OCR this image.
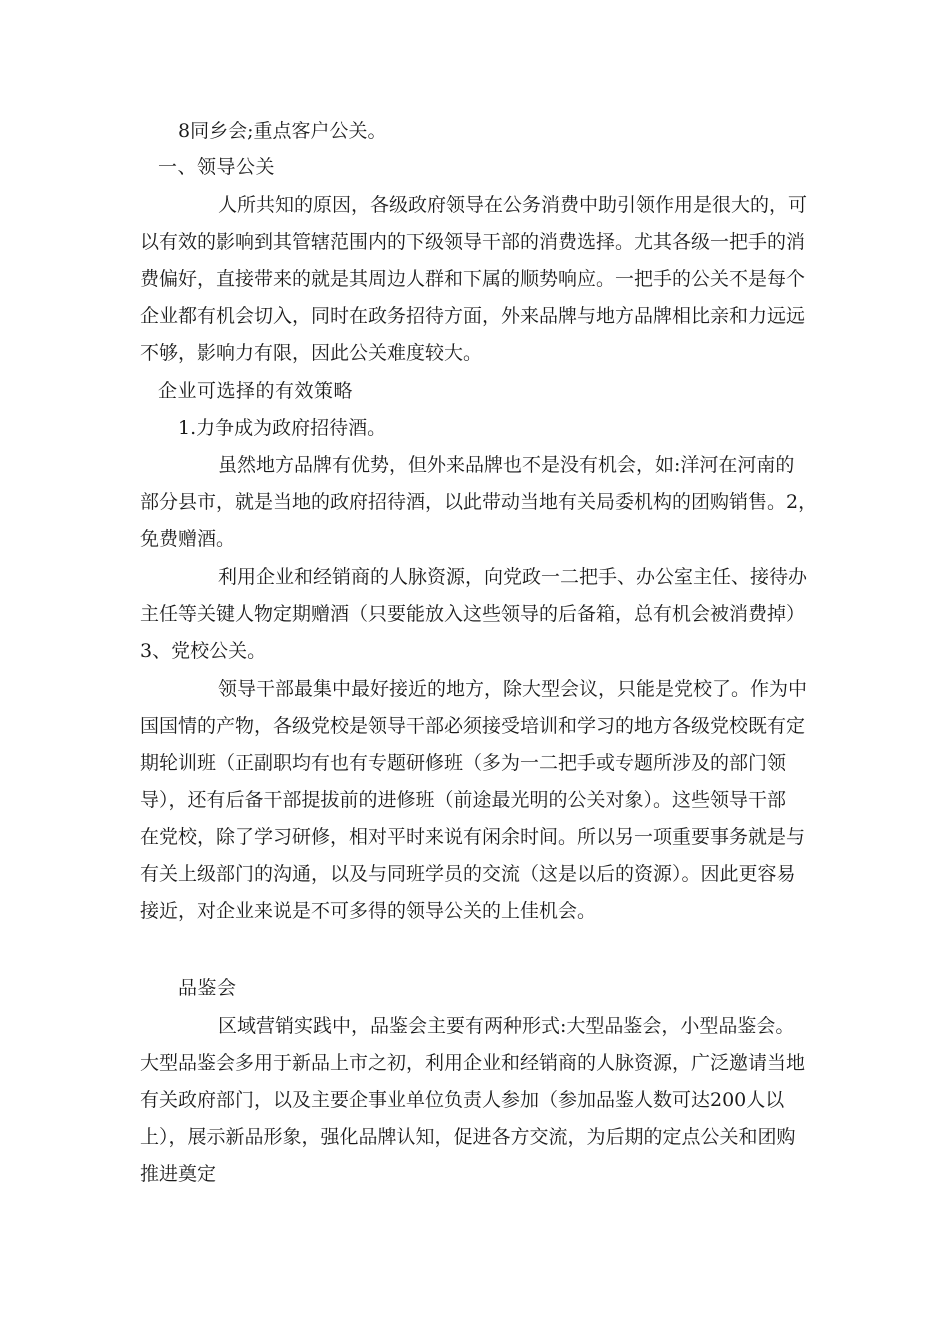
8同乡会;重点客户公关。
一、领导公关
人所共知的原因，各级政府领导在公务消费中助引领作用是很大的，可
以有效的影响到其管辖范围内的下级领导干部的消费选择。尤其各级一把手的消
费偏好，直接带来的就是其周边人群和下属的顺势响应。一把手的公关不是每个
企业都有机会切入，同时在政务招待方面，外来品牌与地方品牌相比亲和力远远
不够，影响力有限，因此公关难度较大。
企业可选择的有效策略
1.力争成为政府招待酒。
虽然地方品牌有优势，但外来品牌也不是没有机会，如:洋河在河南的
部分县市，就是当地的政府招待酒，以此带动当地有关局委机构的团购销售。2，
免费赠酒。
利用企业和经销商的人脉资源，向党政一二把手、办公室主任、接待办
主任等关键人物定期赠酒（只要能放入这些领导的后备箱，总有机会被消费掉）
3、党校公关。
领导干部最集中最好接近的地方，除大型会议，只能是党校了。作为中
国国情的产物，各级党校是领导干部必须接受培训和学习的地方各级党校既有定
期轮训班（正副职均有也有专题研修班（多为一二把手或专题所涉及的部门领
导），还有后备干部提拔前的进修班（前途最光明的公关对象）。这些领导干部
在党校，除了学习研修，相对平时来说有闲余时间。所以另一项重要事务就是与
有关上级部门的沟通，以及与同班学员的交流（这是以后的资源）。因此更容易
接近，对企业来说是不可多得的领导公关的上佳机会。
品鉴会
区域营销实践中，品鉴会主要有两种形式:大型品鉴会，小型品鉴会。
大型品鉴会多用于新品上市之初，利用企业和经销商的人脉资源，广泛邀请当地
有关政府部门，以及主要企事业单位负责人参加（参加品鉴人数可达200人以
上），展示新品形象，强化品牌认知，促进各方交流，为后期的定点公关和团购
推进奠定
